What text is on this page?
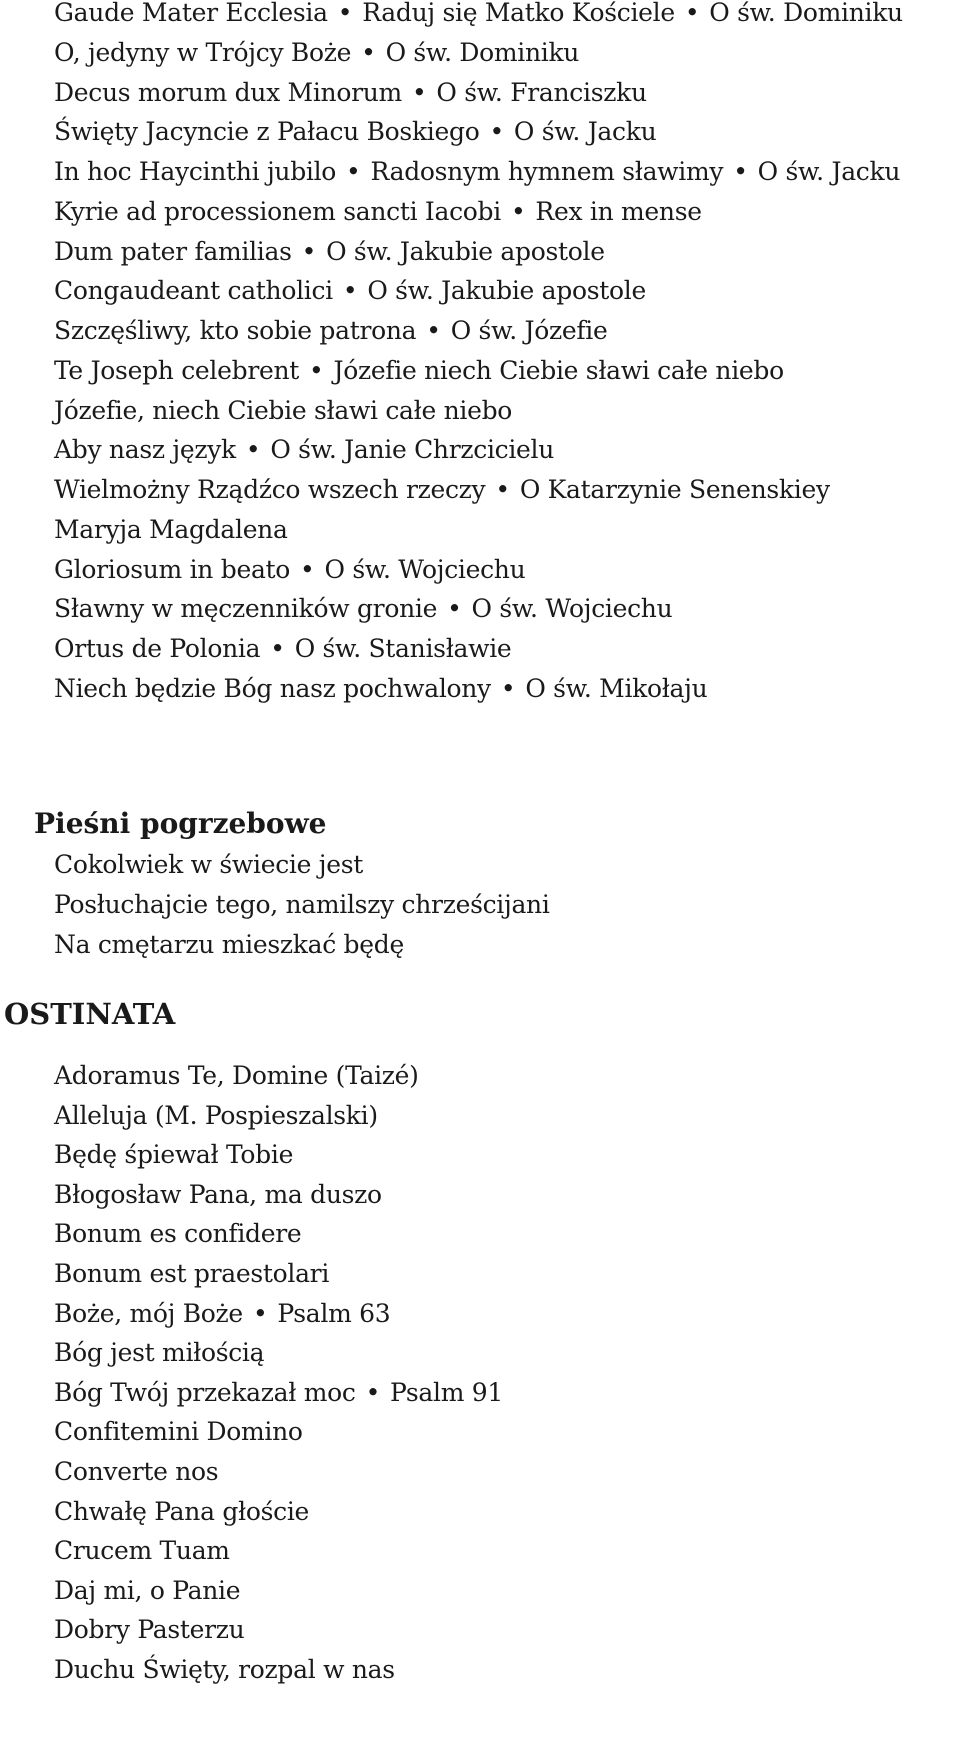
Gaude Mater Ecclesia • Raduj się Matko Kościele • O św. Dominiku
O, jedyny w Trójcy Boże • O św. Dominiku
Decus morum dux Minorum • O św. Franciszku
Święty Jacyncie z Pałacu Boskiego • O św. Jacku
In hoc Haycinthi jubilo • Radosnym hymnem sławimy • O św. Jacku
Kyrie ad processionem sancti Iacobi • Rex in mense
Dum pater familias • O św. Jakubie apostole
Congaudeant catholici • O św. Jakubie apostole
Szczęśliwy, kto sobie patrona • O św. Józefie
Te Joseph celebrent • Józefie niech Ciebie sławi całe niebo
Józefie, niech Ciebie sławi całe niebo
Aby nasz język • O św. Janie Chrzcicielu
Wielmożny Rządźco wszech rzeczy • O Katarzynie Senenskiey
Maryja Magdalena
Gloriosum in beato • O św. Wojciechu
Sławny w męczenników gronie • O św. Wojciechu
Ortus de Polonia • O św. Stanisławie
Niech będzie Bóg nasz pochwalony • O św. Mikołaju
Pieśni pogrzebowe
Cokolwiek w świecie jest
Posłuchajcie tego, namilszy chrześcijani
Na cmętarzu mieszkać będę
OSTINATA
Adoramus Te, Domine (Taizé)
Alleluja (M. Pospieszalski)
Będę śpiewał Tobie
Błogosław Pana, ma duszo
Bonum es confidere
Bonum est praestolari
Boże, mój Boże • Psalm 63
Bóg jest miłością
Bóg Twój przekazał moc • Psalm 91
Confitemini Domino
Converte nos
Chwałę Pana głoście
Crucem Tuam
Daj mi, o Panie
Dobry Pasterzu
Duchu Święty, rozpal w nas
